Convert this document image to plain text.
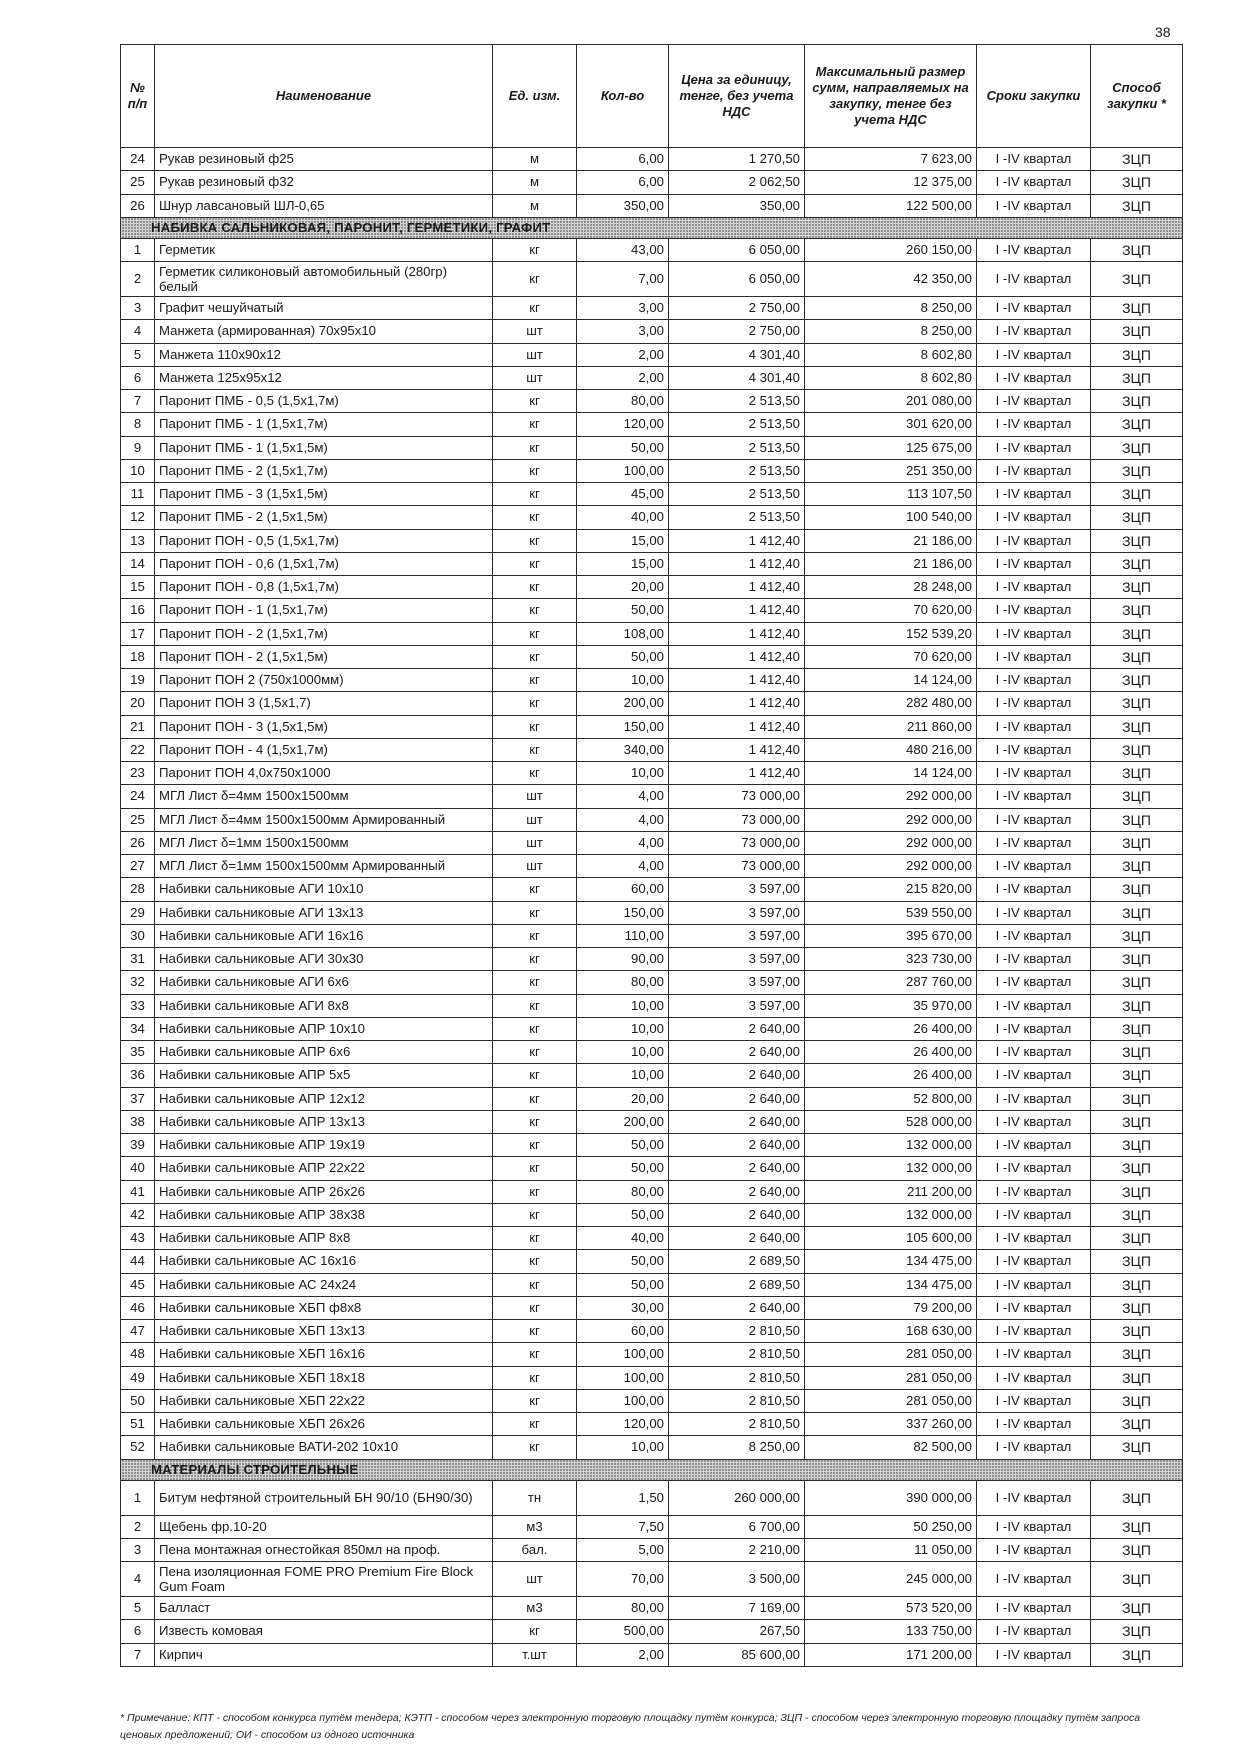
38
№ п/п	Наименование	Ед. изм.	Кол-во	Цена за единицу, тенге, без учета НДС	Максимальный размер сумм, направляемых на закупку, тенге без учета НДС	Сроки закупки	Способ закупки *
24	Рукав резиновый ф25	м	6,00	1 270,50	7 623,00	I -IV квартал	ЗЦП
25	Рукав резиновый ф32	м	6,00	2 062,50	12 375,00	I -IV квартал	ЗЦП
26	Шнур лавсановый ШЛ-0,65	м	350,00	350,00	122 500,00	I -IV квартал	ЗЦП
НАБИВКА САЛЬНИКОВАЯ, ПАРОНИТ, ГЕРМЕТИКИ, ГРАФИТ							
1	Герметик	кг	43,00	6 050,00	260 150,00	I -IV квартал	ЗЦП
2	Герметик силиконовый автомобильный (280гр) белый	кг	7,00	6 050,00	42 350,00	I -IV квартал	ЗЦП
3	Графит чешуйчатый	кг	3,00	2 750,00	8 250,00	I -IV квартал	ЗЦП
4	Манжета (армированная) 70х95х10	шт	3,00	2 750,00	8 250,00	I -IV квартал	ЗЦП
5	Манжета 110х90х12	шт	2,00	4 301,40	8 602,80	I -IV квартал	ЗЦП
6	Манжета 125х95х12	шт	2,00	4 301,40	8 602,80	I -IV квартал	ЗЦП
7	Паронит ПМБ - 0,5 (1,5х1,7м)	кг	80,00	2 513,50	201 080,00	I -IV квартал	ЗЦП
8	Паронит ПМБ - 1 (1,5х1,7м)	кг	120,00	2 513,50	301 620,00	I -IV квартал	ЗЦП
9	Паронит ПМБ - 1 (1,5х1,5м)	кг	50,00	2 513,50	125 675,00	I -IV квартал	ЗЦП
10	Паронит ПМБ - 2 (1,5х1,7м)	кг	100,00	2 513,50	251 350,00	I -IV квартал	ЗЦП
11	Паронит ПМБ - 3 (1,5х1,5м)	кг	45,00	2 513,50	113 107,50	I -IV квартал	ЗЦП
12	Паронит ПМБ - 2 (1,5х1,5м)	кг	40,00	2 513,50	100 540,00	I -IV квартал	ЗЦП
13	Паронит ПОН - 0,5 (1,5х1,7м)	кг	15,00	1 412,40	21 186,00	I -IV квартал	ЗЦП
14	Паронит ПОН - 0,6 (1,5х1,7м)	кг	15,00	1 412,40	21 186,00	I -IV квартал	ЗЦП
15	Паронит ПОН - 0,8 (1,5х1,7м)	кг	20,00	1 412,40	28 248,00	I -IV квартал	ЗЦП
16	Паронит ПОН - 1 (1,5х1,7м)	кг	50,00	1 412,40	70 620,00	I -IV квартал	ЗЦП
17	Паронит ПОН - 2 (1,5х1,7м)	кг	108,00	1 412,40	152 539,20	I -IV квартал	ЗЦП
18	Паронит ПОН - 2 (1,5х1,5м)	кг	50,00	1 412,40	70 620,00	I -IV квартал	ЗЦП
19	Паронит ПОН 2 (750х1000мм)	кг	10,00	1 412,40	14 124,00	I -IV квартал	ЗЦП
20	Паронит ПОН 3 (1,5х1,7)	кг	200,00	1 412,40	282 480,00	I -IV квартал	ЗЦП
21	Паронит ПОН - 3 (1,5х1,5м)	кг	150,00	1 412,40	211 860,00	I -IV квартал	ЗЦП
22	Паронит ПОН - 4 (1,5х1,7м)	кг	340,00	1 412,40	480 216,00	I -IV квартал	ЗЦП
23	Паронит ПОН 4,0х750х1000	кг	10,00	1 412,40	14 124,00	I -IV квартал	ЗЦП
24	МГЛ Лист δ=4мм 1500х1500мм	шт	4,00	73 000,00	292 000,00	I -IV квартал	ЗЦП
25	МГЛ Лист δ=4мм 1500х1500мм Армированный	шт	4,00	73 000,00	292 000,00	I -IV квартал	ЗЦП
26	МГЛ Лист δ=1мм 1500х1500мм	шт	4,00	73 000,00	292 000,00	I -IV квартал	ЗЦП
27	МГЛ Лист δ=1мм 1500х1500мм Армированный	шт	4,00	73 000,00	292 000,00	I -IV квартал	ЗЦП
28	Набивки сальниковые АГИ 10х10	кг	60,00	3 597,00	215 820,00	I -IV квартал	ЗЦП
29	Набивки сальниковые АГИ 13х13	кг	150,00	3 597,00	539 550,00	I -IV квартал	ЗЦП
30	Набивки сальниковые АГИ 16х16	кг	110,00	3 597,00	395 670,00	I -IV квартал	ЗЦП
31	Набивки сальниковые АГИ 30х30	кг	90,00	3 597,00	323 730,00	I -IV квартал	ЗЦП
32	Набивки сальниковые АГИ 6х6	кг	80,00	3 597,00	287 760,00	I -IV квартал	ЗЦП
33	Набивки сальниковые АГИ 8х8	кг	10,00	3 597,00	35 970,00	I -IV квартал	ЗЦП
34	Набивки сальниковые АПР 10х10	кг	10,00	2 640,00	26 400,00	I -IV квартал	ЗЦП
35	Набивки сальниковые АПР 6х6	кг	10,00	2 640,00	26 400,00	I -IV квартал	ЗЦП
36	Набивки сальниковые АПР 5х5	кг	10,00	2 640,00	26 400,00	I -IV квартал	ЗЦП
37	Набивки сальниковые АПР 12х12	кг	20,00	2 640,00	52 800,00	I -IV квартал	ЗЦП
38	Набивки сальниковые АПР 13х13	кг	200,00	2 640,00	528 000,00	I -IV квартал	ЗЦП
39	Набивки сальниковые АПР 19х19	кг	50,00	2 640,00	132 000,00	I -IV квартал	ЗЦП
40	Набивки сальниковые АПР 22х22	кг	50,00	2 640,00	132 000,00	I -IV квартал	ЗЦП
41	Набивки сальниковые АПР 26х26	кг	80,00	2 640,00	211 200,00	I -IV квартал	ЗЦП
42	Набивки сальниковые АПР 38х38	кг	50,00	2 640,00	132 000,00	I -IV квартал	ЗЦП
43	Набивки сальниковые АПР 8х8	кг	40,00	2 640,00	105 600,00	I -IV квартал	ЗЦП
44	Набивки сальниковые АС 16х16	кг	50,00	2 689,50	134 475,00	I -IV квартал	ЗЦП
45	Набивки сальниковые АС 24х24	кг	50,00	2 689,50	134 475,00	I -IV квартал	ЗЦП
46	Набивки сальниковые ХБП ф8х8	кг	30,00	2 640,00	79 200,00	I -IV квартал	ЗЦП
47	Набивки сальниковые ХБП 13х13	кг	60,00	2 810,50	168 630,00	I -IV квартал	ЗЦП
48	Набивки сальниковые ХБП 16х16	кг	100,00	2 810,50	281 050,00	I -IV квартал	ЗЦП
49	Набивки сальниковые ХБП 18х18	кг	100,00	2 810,50	281 050,00	I -IV квартал	ЗЦП
50	Набивки сальниковые ХБП 22х22	кг	100,00	2 810,50	281 050,00	I -IV квартал	ЗЦП
51	Набивки сальниковые ХБП 26х26	кг	120,00	2 810,50	337 260,00	I -IV квартал	ЗЦП
52	Набивки сальниковые ВАТИ-202 10х10	кг	10,00	8 250,00	82 500,00	I -IV квартал	ЗЦП
МАТЕРИАЛЫ СТРОИТЕЛЬНЫЕ							
1	Битум нефтяной строительный БН 90/10 (БН90/30)	тн	1,50	260 000,00	390 000,00	I -IV квартал	ЗЦП
2	Щебень фр.10-20	м3	7,50	6 700,00	50 250,00	I -IV квартал	ЗЦП
3	Пена монтажная огнестойкая 850мл на проф.	бал.	5,00	2 210,00	11 050,00	I -IV квартал	ЗЦП
4	Пена изоляционная FOME PRO Premium Fire Block Gum Foam	шт	70,00	3 500,00	245 000,00	I -IV квартал	ЗЦП
5	Балласт	м3	80,00	7 169,00	573 520,00	I -IV квартал	ЗЦП
6	Известь комовая	кг	500,00	267,50	133 750,00	I -IV квартал	ЗЦП
7	Кирпич	т.шт	2,00	85 600,00	171 200,00	I -IV квартал	ЗЦП
* Примечание: КПТ - способом конкурса путём тендера; КЭТП - способом через электронную торговую площадку путём конкурса; ЗЦП - способом через электронную торговую площадку путём запроса ценовых предложений; ОИ - способом из одного источника
